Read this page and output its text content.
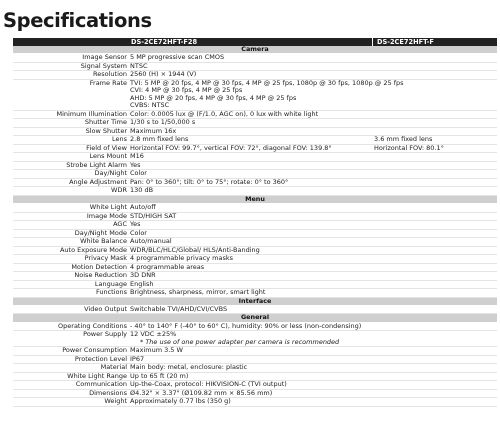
Specifications
DS-2CE72HFT-F28	DS-2CE72HFT-F
Camera
Image Sensor 5 MP progressive scan CMOS
Signal System NTSC
Resolution 2560 (H) × 1944 (V)
Frame Rate TVI: 5 MP @ 20 fps, 4 MP @ 30 fps, 4 MP @ 25 fps, 1080p @ 30 fps, 1080p @ 25 fps
CVI: 4 MP @ 30 fps, 4 MP @ 25 fps
AHD: 5 MP @ 20 fps, 4 MP @ 30 fps, 4 MP @ 25 fps
CVBS: NTSC
Minimum Illumination Color: 0.0005 lux @ (F/1.0, AGC on), 0 lux with white light
Shutter Time 1/30 s to 1/50,000 s
Slow Shutter Maximum 16x
Lens 2.8 mm fixed lens	3.6 mm fixed lens
Field of View Horizontal FOV: 99.7°, vertical FOV: 72°, diagonal FOV: 139.8°	Horizontal FOV: 80.1°
Lens Mount M16
Strobe Light Alarm Yes
Day/Night Color
Angle Adjustment Pan: 0° to 360°; tilt: 0° to 75°; rotate: 0° to 360°
WDR 130 dB
Menu
White Light Auto/off
Image Mode STD/HIGH SAT
AGC Yes
Day/Night Mode Color
White Balance Auto/manual
Auto Exposure Mode WDR/BLC/HLC/Global/ HLS/Anti-Banding
Privacy Mask 4 programmable privacy masks
Motion Detection 4 programmable areas
Noise Reduction 3D DNR
Language English
Functions Brightness, sharpness, mirror, smart light
Interface
Video Output Switchable TVI/AHD/CVI/CVBS
General
Operating Conditions - 40° to 140° F (-40° to 60° C), humidity: 90% or less (non-condensing)
Power Supply 12 VDC ±25%
* The use of one power adapter per camera is recommended
Power Consumption Maximum 3.5 W
Protection Level IP67
Material Main body: metal, enclosure: plastic
White Light Range Up to 65 ft (20 m)
Communication Up-the-Coax, protocol: HIKVISION-C (TVI output)
Dimensions Ø4.32" × 3.37" (Ø109.82 mm × 85.56 mm)
Weight Approximately 0.77 lbs (350 g)
